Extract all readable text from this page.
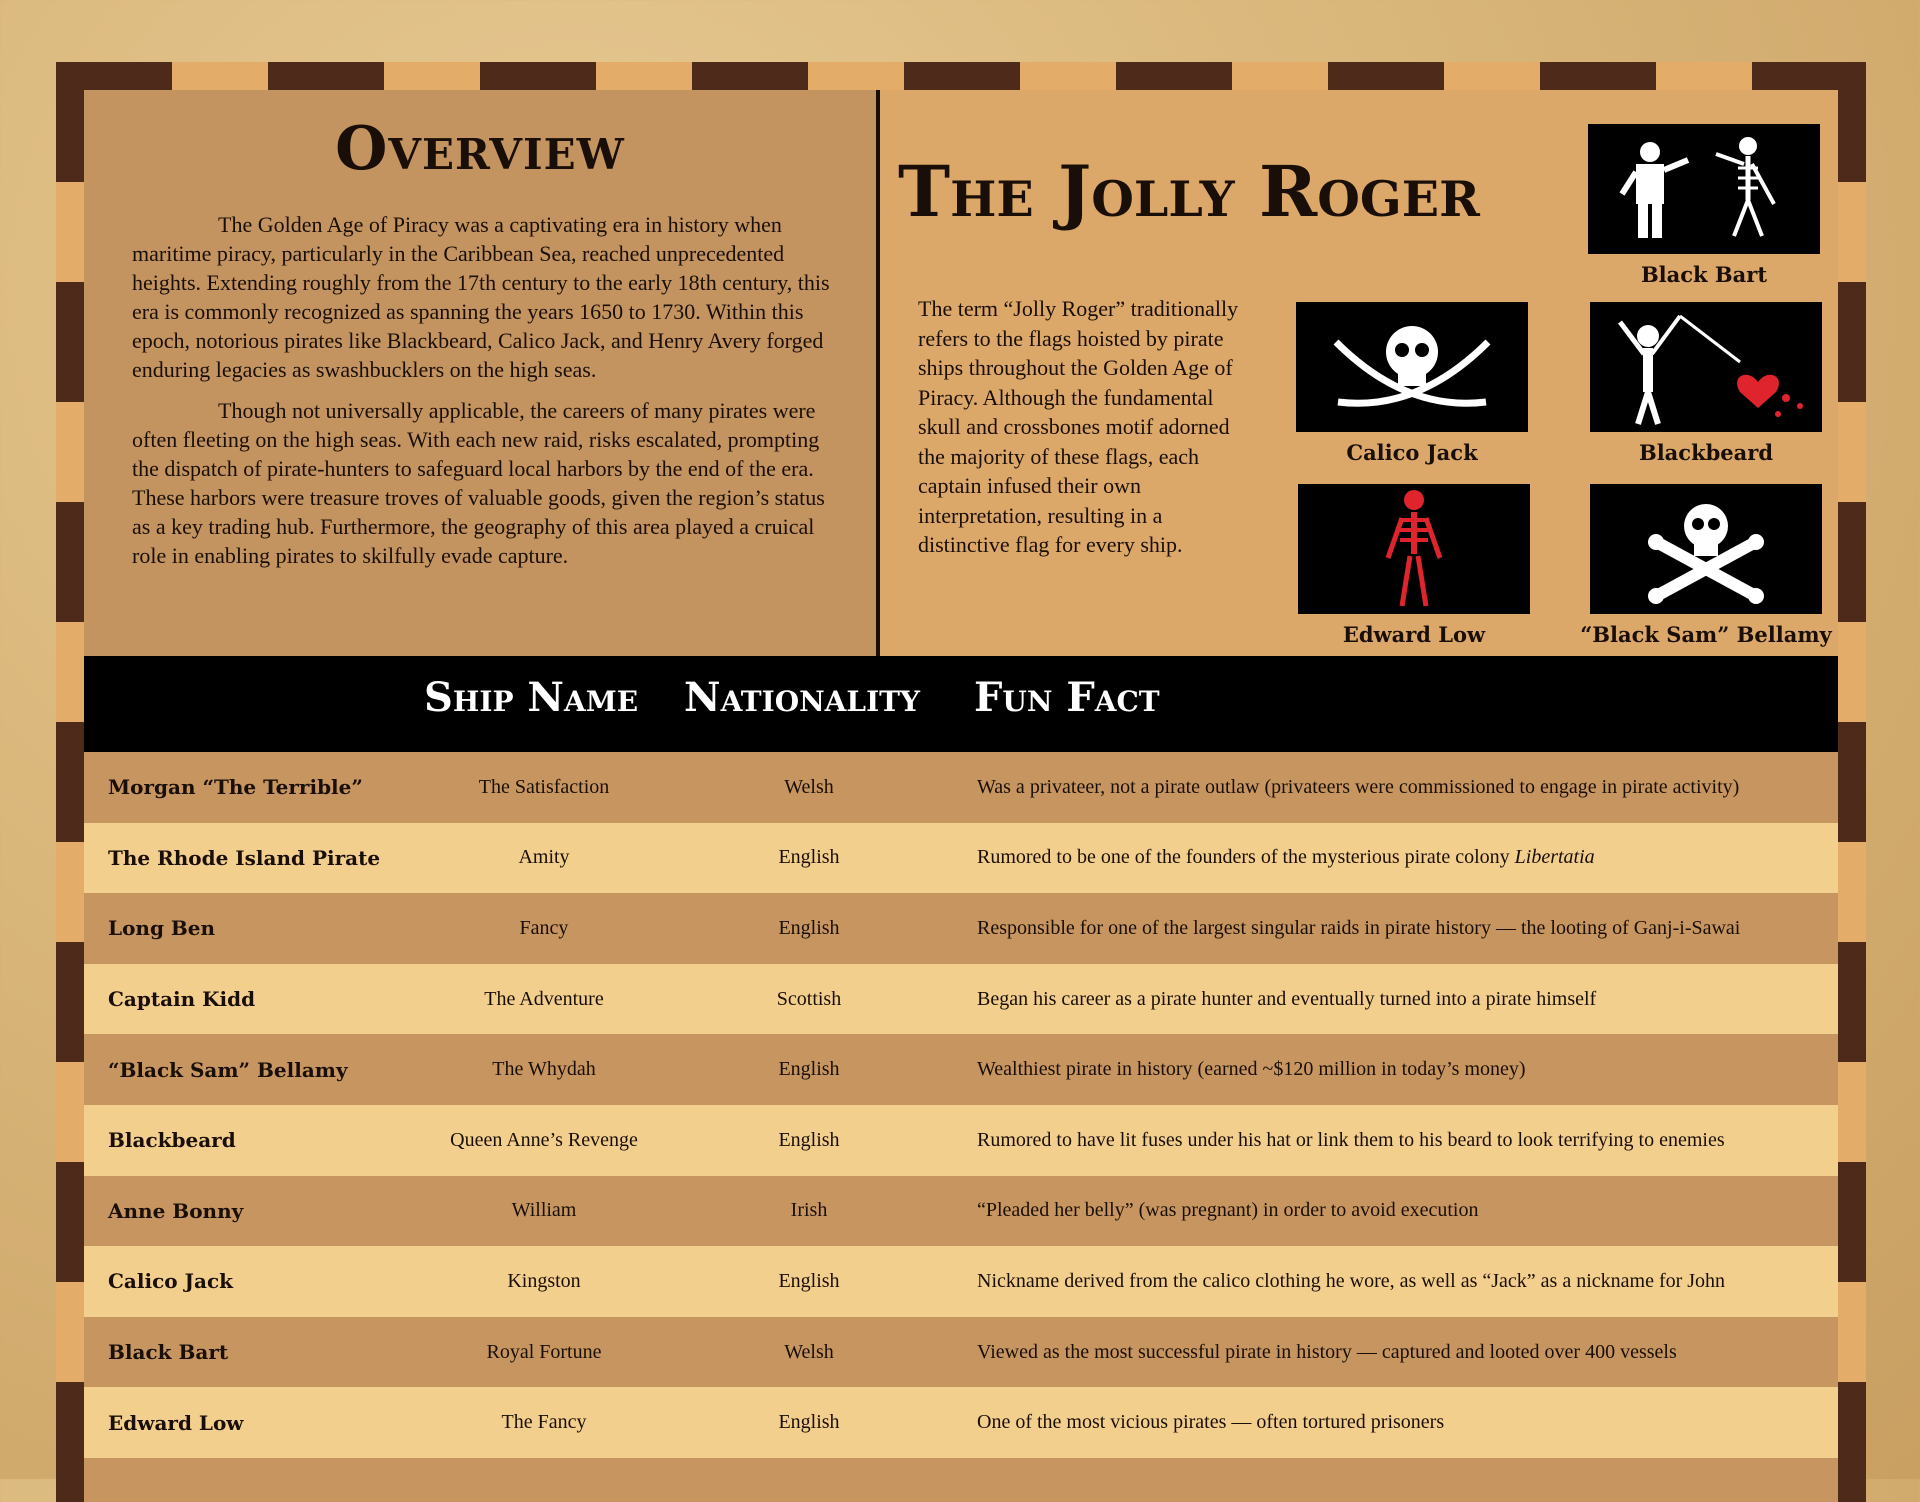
Overview

The Golden Age of Piracy was a captivating era in history when maritime piracy, particularly in the Caribbean Sea, reached unprecedented heights. Extending roughly from the 17th century to the early 18th century, this era is commonly recognized as spanning the years 1650 to 1730. Within this epoch, notorious pirates like Blackbeard, Calico Jack, and Henry Avery forged enduring legacies as swashbucklers on the high seas.

Though not universally applicable, the careers of many pirates were often fleeting on the high seas. With each new raid, risks escalated, prompting the dispatch of pirate-hunters to safeguard local harbors by the end of the era. These harbors were treasure troves of valuable goods, given the region’s status as a key trading hub. Furthermore, the geography of this area played a cruical role in enabling pirates to skilfully evade capture.

The Jolly Roger
The term “Jolly Roger” traditionally refers to the flags hoisted by pirate ships throughout the Golden Age of Piracy. Although the fundamental skull and crossbones motif adorned the majority of these flags, each captain infused their own interpretation, resulting in a distinctive flag for every ship.
Black Bart
Calico Jack	Blackbeard
Edward Low	“Black Sam” Bellamy
Ship Name Nationality Fun Fact
Morgan “The Terrible”	The Satisfaction	Welsh	Was a privateer, not a pirate outlaw (privateers were commissioned to engage in pirate activity)
The Rhode Island Pirate	Amity	English	Rumored to be one of the founders of the mysterious pirate colony
Libertatia
Long Ben	Fancy	English	Responsible for one of the largest singular raids in pirate history — the looting of Ganj-i-Sawai
Captain Kidd	The Adventure	Scottish	Began his career as a pirate hunter and eventually turned into a pirate himself
“Black Sam” Bellamy	The Whydah	English	Wealthiest pirate in history (earned ~$120 million in today’s money)
Blackbeard	Queen Anne’s Revenge	English	Rumored to have lit fuses under his hat or link them to his beard to look terrifying to enemies
Anne Bonny	William	Irish	“Pleaded her belly” (was pregnant) in order to avoid execution
Calico Jack	Kingston	English	Nickname derived from the calico clothing he wore, as well as “Jack” as a nickname for John
Black Bart	Royal Fortune	Welsh	Viewed as the most successful pirate in history — captured and looted over 400 vessels
Edward Low	The Fancy	English	One of the most vicious pirates — often tortured prisoners
